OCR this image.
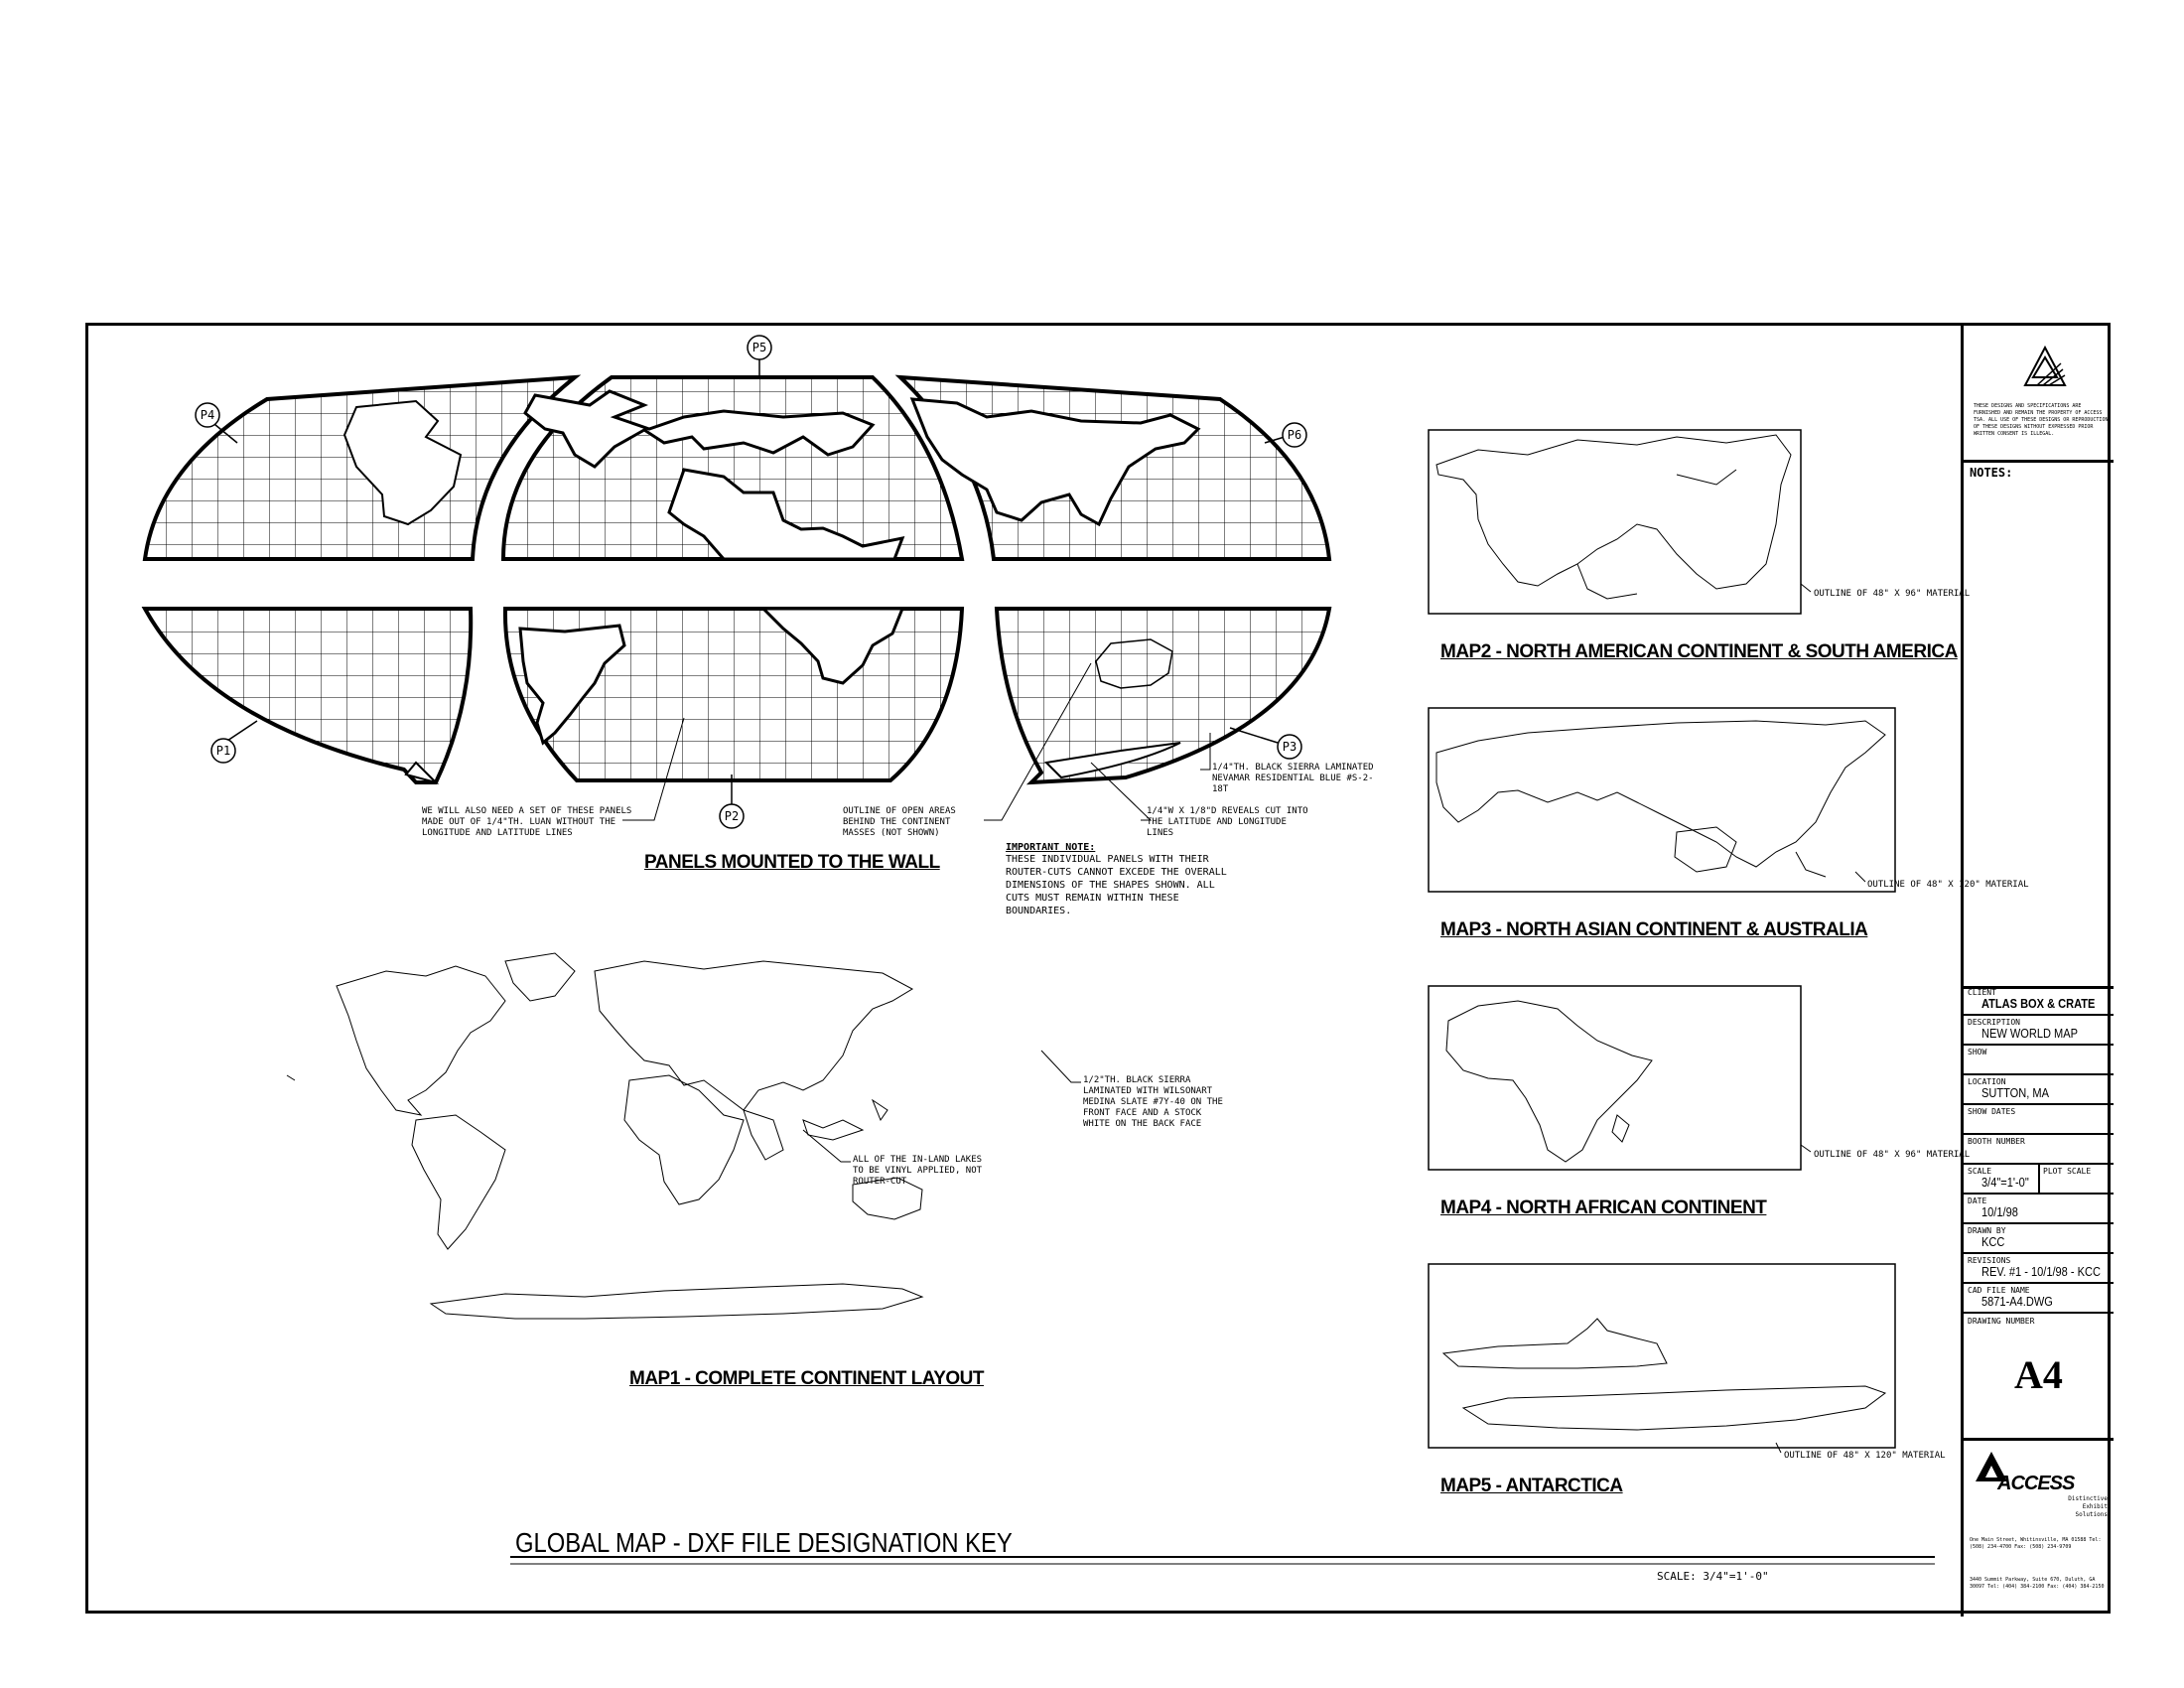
P4
P5
P6
P1
P2
P3
WE WILL ALSO NEED A SET OF THESE PANELS MADE OUT OF 1/4"TH. LUAN WITHOUT THE LONGITUDE AND LATITUDE LINES
OUTLINE OF OPEN AREAS BEHIND THE CONTINENT MASSES (NOT SHOWN)
1/4"W X 1/8"D REVEALS CUT INTO THE LATITUDE AND LONGITUDE LINES
1/4"TH. BLACK SIERRA LAMINATED NEVAMAR RESIDENTIAL BLUE #S-2-18T
PANELS MOUNTED TO THE WALL
IMPORTANT NOTE:
THESE INDIVIDUAL PANELS WITH THEIR ROUTER-CUTS CANNOT EXCEDE THE OVERALL DIMENSIONS OF THE SHAPES SHOWN. ALL CUTS MUST REMAIN WITHIN THESE BOUNDARIES.
1/2"TH. BLACK SIERRA LAMINATED WITH WILSONART MEDINA SLATE #7Y-40 ON THE FRONT FACE AND A STOCK WHITE ON THE BACK FACE
ALL OF THE IN-LAND LAKES TO BE VINYL APPLIED, NOT ROUTER-CUT
MAP1 - COMPLETE CONTINENT LAYOUT
OUTLINE OF 48" X 96" MATERIAL
MAP2 - NORTH AMERICAN CONTINENT & SOUTH AMERICA
OUTLINE OF 48" X 120" MATERIAL
MAP3 - NORTH ASIAN CONTINENT & AUSTRALIA
OUTLINE OF 48" X 96" MATERIAL
MAP4 - NORTH AFRICAN CONTINENT
OUTLINE OF 48" X 120" MATERIAL
MAP5 - ANTARCTICA
GLOBAL MAP - DXF FILE DESIGNATION KEY
SCALE: 3/4"=1'-0"
THESE DESIGNS AND SPECIFICATIONS ARE FURNISHED AND REMAIN THE PROPERTY OF ACCESS TSA. ALL USE OF THESE DESIGNS OR REPRODUCTION OF THESE DESIGNS WITHOUT EXPRESSED PRIOR WRITTEN CONSENT IS ILLEGAL.
NOTES:
CLIENT
ATLAS BOX & CRATE
DESCRIPTION
NEW WORLD MAP
SHOW
LOCATION
SUTTON, MA
SHOW DATES
BOOTH NUMBER
SCALE	PLOT SCALE
3/4"=1'-0"
DATE
10/1/98
DRAWN BY
KCC
REVISIONS
REV. #1 - 10/1/98 - KCC
CAD FILE NAME
5871-A4.DWG
DRAWING NUMBER
A4
ACCESS
Distinctive Exhibit Solutions
One Main Street, Whitinsville, MA 01588 Tel: (508) 234-4700 Fax: (508) 234-9709
3440 Summit Parkway, Suite 670, Duluth, GA 30097 Tel: (404) 384-2100 Fax: (404) 384-2150
